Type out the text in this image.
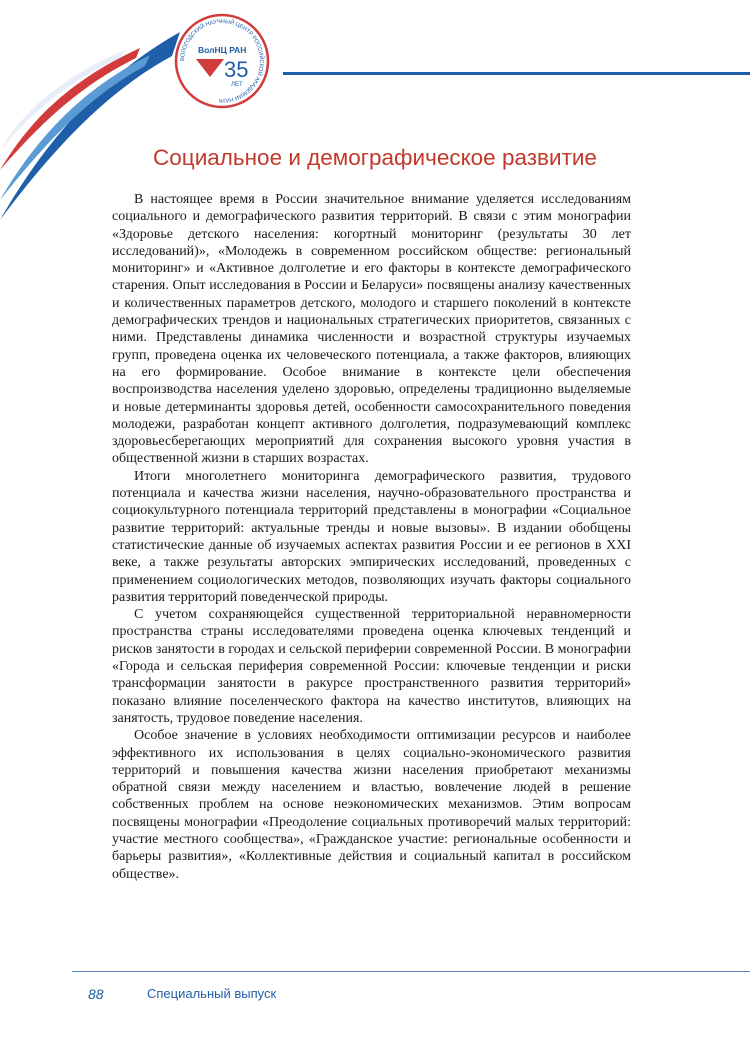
ВОЛОГОДСКИЙ НАУЧНЫЙ ЦЕНТР РОССИЙСКОЙ АКАДЕМИИ НАУК
ВолНЦ РАН
35
ЛЕТ
Социальное и демографическое развитие

В настоящее время в России значительное внимание уделяется исследованиям социального и демографического развития территорий. В связи с этим монографии «Здоровье детского населения: когортный мониторинг (результаты 30 лет исследований)», «Молодежь в современном российском обществе: региональный мониторинг» и «Активное долголетие и его факторы в контексте демографического старения. Опыт исследования в России и Беларуси» посвящены анализу качественных и количественных параметров детского, молодого и старшего поколений в контексте демографических трендов и национальных стратегических приоритетов, связанных с ними. Представлены динамика численности и возрастной структуры изучаемых групп, проведена оценка их человеческого потенциала, а также факторов, влияющих на его формирование. Особое внимание в контексте цели обеспечения воспроизводства населения уделено здоровью, определены традиционно выделяемые и новые детерминанты здоровья детей, особенности самосохранительного поведения молодежи, разработан концепт активного долголетия, подразумевающий комплекс здоровьесберегающих мероприятий для сохранения высокого уровня участия в общественной жизни в старших возрастах.

Итоги многолетнего мониторинга демографического развития, трудового потенциала и качества жизни населения, научно-образовательного пространства и социокультурного потенциала территорий представлены в монографии «Социальное развитие территорий: актуальные тренды и новые вызовы». В издании обобщены статистические данные об изучаемых аспектах развития России и ее регионов в XXI веке, а также результаты авторских эмпирических исследований, проведенных с применением социологических методов, позволяющих изучать факторы социального развития территорий поведенческой природы.

С учетом сохраняющейся существенной территориальной неравномерности пространства страны исследователями проведена оценка ключевых тенденций и рисков занятости в городах и сельской периферии современной России. В монографии «Города и сельская периферия современной России: ключевые тенденции и риски трансформации занятости в ракурсе пространственного развития территорий» показано влияние поселенческого фактора на качество институтов, влияющих на занятость, трудовое поведение населения.

Особое значение в условиях необходимости оптимизации ресурсов и наиболее эффективного их использования в целях социально-экономического развития территорий и повышения качества жизни населения приобретают механизмы обратной связи между населением и властью, вовлечение людей в решение собственных проблем на основе неэкономических механизмов. Этим вопросам посвящены монографии «Преодоление социальных противоречий малых территорий: участие местного сообщества», «Гражданское участие: региональные особенности и барьеры развития», «Коллективные действия и социальный капитал в российском обществе».

88	Специальный выпуск
